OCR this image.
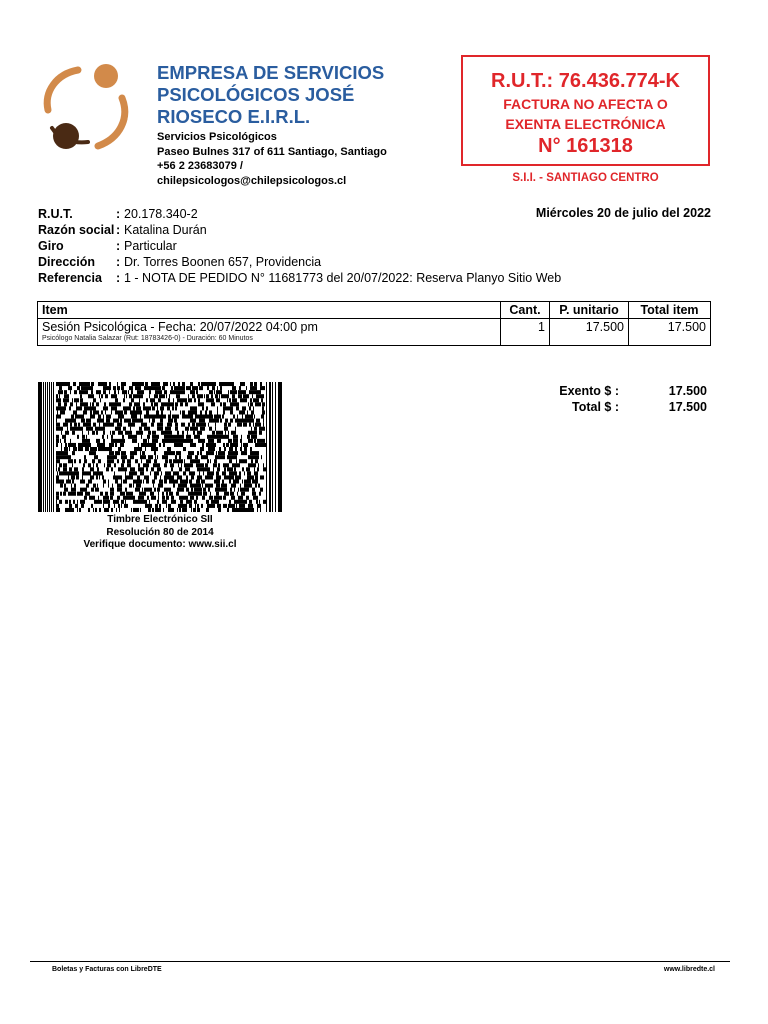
EMPRESA DE SERVICIOS
PSICOLÓGICOS JOSÉ
RIOSECO E.I.R.L.
Servicios Psicológicos
Paseo Bulnes 317 of 611 Santiago, Santiago
+56 2 23683079 /
chilepsicologos@chilepsicologos.cl
R.U.T.: 76.436.774-K
FACTURA NO AFECTA O
EXENTA ELECTRÓNICA
N° 161318
S.I.I. - SANTIAGO CENTRO
Miércoles 20 de julio del 2022
R.U.T.	: 20.178.340-2
Razón social : Katalina Durán
Giro	: Particular
Dirección	: Dr. Torres Boonen 657, Providencia
Referencia	: 1 - NOTA DE PEDIDO N° 11681773 del 20/07/2022: Reserva Planyo Sitio Web
Item	Cant.	P. unitario	Total item

Sesión Psicológica - Fecha: 20/07/2022 04:00 pm
Psicólogo Natalia Salazar (Rut: 18783426-0) - Duración: 60 Minutos	1	17.500	17.500
Timbre Electrónico SII
Resolución 80 de 2014
Verifique documento: www.sii.cl
Exento $ :	17.500
Total $ :	17.500
Boletas y Facturas con LibreDTE	www.libredte.cl
